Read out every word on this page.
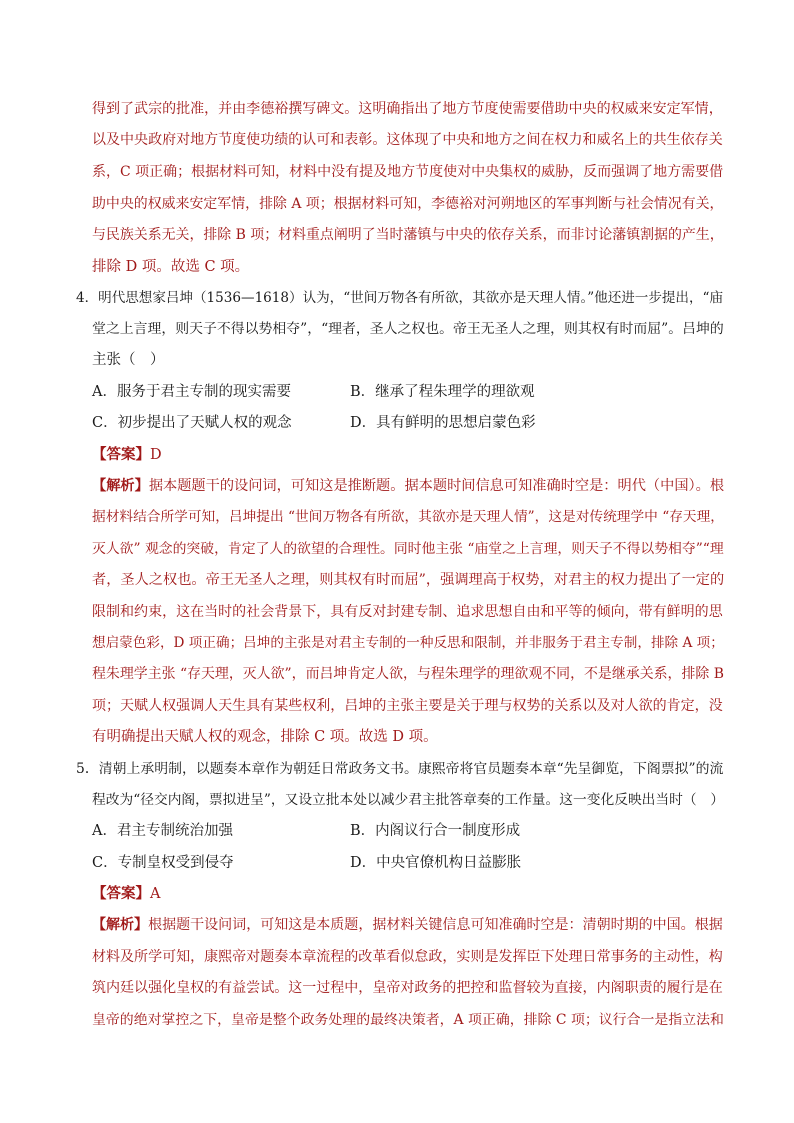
得到了武宗的批准，并由李德裕撰写碑文。这明确指出了地方节度使需要借助中央的权威来安定军情，
以及中央政府对地方节度使功绩的认可和表彰。这体现了中央和地方之间在权力和威名上的共生依存关
系，C 项正确；根据材料可知，材料中没有提及地方节度使对中央集权的威胁，反而强调了地方需要借
助中央的权威来安定军情，排除 A 项；根据材料可知，李德裕对河朔地区的军事判断与社会情况有关，
与民族关系无关，排除 B 项；材料重点阐明了当时藩镇与中央的依存关系，而非讨论藩镇割据的产生，
排除 D 项。故选 C 项。
4．明代思想家吕坤（1536—1618）认为，“世间万物各有所欲，其欲亦是天理人情。”他还进一步提出，“庙
堂之上言理，则天子不得以势相夺”，“理者，圣人之权也。帝王无圣人之理，则其权有时而屈”。吕坤的
主张（　）
A．服务于君主专制的现实需要	B．继承了程朱理学的理欲观
C．初步提出了天赋人权的观念	D．具有鲜明的思想启蒙色彩
【答案】D
【解析】据本题题干的设问词，可知这是推断题。据本题时间信息可知准确时空是：明代（中国）。根
据材料结合所学可知，吕坤提出 “世间万物各有所欲，其欲亦是天理人情”，这是对传统理学中 “存天理，
灭人欲” 观念的突破，肯定了人的欲望的合理性。同时他主张 “庙堂之上言理，则天子不得以势相夺”“理
者，圣人之权也。帝王无圣人之理，则其权有时而屈”，强调理高于权势，对君主的权力提出了一定的
限制和约束，这在当时的社会背景下，具有反对封建专制、追求思想自由和平等的倾向，带有鲜明的思
想启蒙色彩，D 项正确；吕坤的主张是对君主专制的一种反思和限制，并非服务于君主专制，排除 A 项；
程朱理学主张 “存天理，灭人欲”，而吕坤肯定人欲，与程朱理学的理欲观不同，不是继承关系，排除 B
项；天赋人权强调人天生具有某些权利，吕坤的主张主要是关于理与权势的关系以及对人欲的肯定，没
有明确提出天赋人权的观念，排除 C 项。故选 D 项。
5．清朝上承明制，以题奏本章作为朝廷日常政务文书。康熙帝将官员题奏本章“先呈御览，下阁票拟”的流
程改为“径交内阁，票拟进呈”，又设立批本处以减少君主批答章奏的工作量。这一变化反映出当时（　）
A．君主专制统治加强	B．内阁议行合一制度形成
C．专制皇权受到侵夺	D．中央官僚机构日益膨胀
【答案】A
【解析】根据题干设问词，可知这是本质题，据材料关键信息可知准确时空是：清朝时期的中国。根据
材料及所学可知，康熙帝对题奏本章流程的改革看似怠政，实则是发挥臣下处理日常事务的主动性，构
筑内廷以强化皇权的有益尝试。这一过程中，皇帝对政务的把控和监督较为直接，内阁职责的履行是在
皇帝的绝对掌控之下，皇帝是整个政务处理的最终决策者，A 项正确，排除 C 项；议行合一是指立法和
